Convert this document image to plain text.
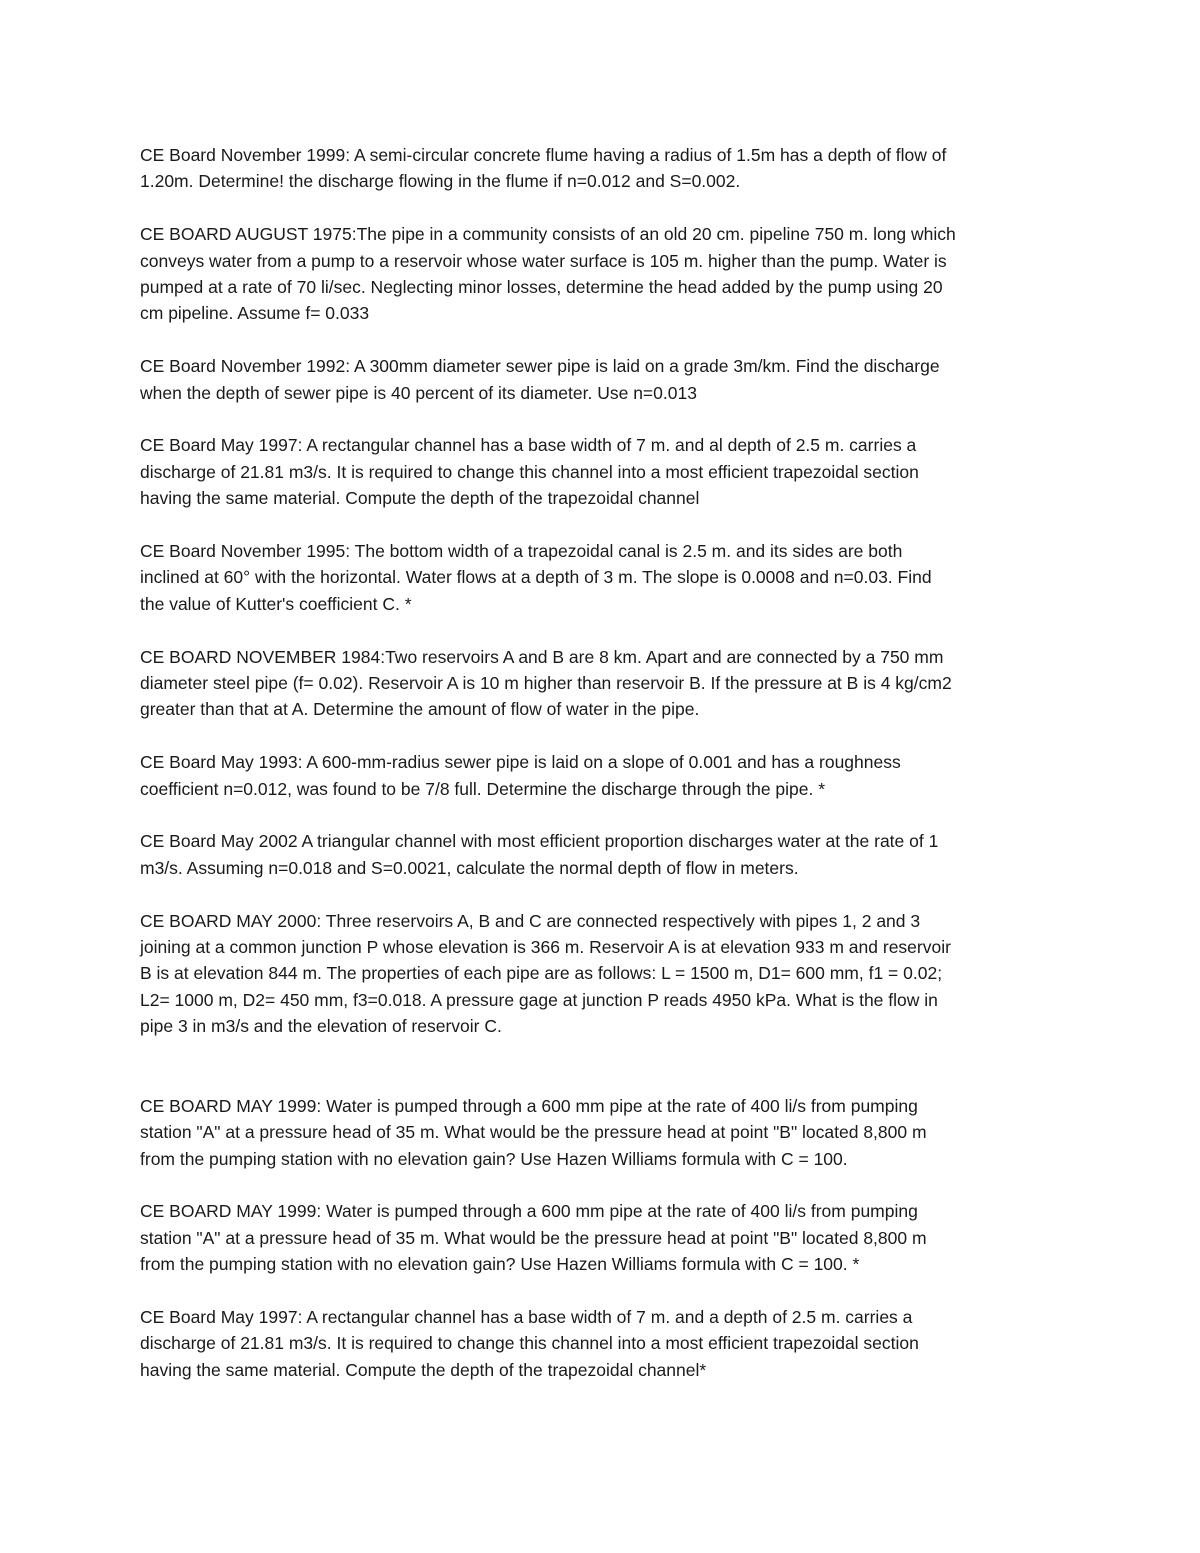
CE Board November 1999: A semi-circular concrete flume having a radius of 1.5m has a depth of flow of
1.20m. Determine! the discharge flowing in the flume if n=0.012 and S=0.002.

CE BOARD AUGUST 1975:The pipe in a community consists of an old 20 cm. pipeline 750 m. long which
conveys water from a pump to a reservoir whose water surface is 105 m. higher than the pump. Water is
pumped at a rate of 70 li/sec. Neglecting minor losses, determine the head added by the pump using 20
cm pipeline. Assume f= 0.033

CE Board November 1992: A 300mm diameter sewer pipe is laid on a grade 3m/km. Find the discharge
when the depth of sewer pipe is 40 percent of its diameter. Use n=0.013

CE Board May 1997: A rectangular channel has a base width of 7 m. and al depth of 2.5 m. carries a
discharge of 21.81 m3/s. It is required to change this channel into a most efficient trapezoidal section
having the same material. Compute the depth of the trapezoidal channel

CE Board November 1995: The bottom width of a trapezoidal canal is 2.5 m. and its sides are both
inclined at 60° with the horizontal. Water flows at a depth of 3 m. The slope is 0.0008 and n=0.03. Find
the value of Kutter's coefficient C. *

CE BOARD NOVEMBER 1984:Two reservoirs A and B are 8 km. Apart and are connected by a 750 mm
diameter steel pipe (f= 0.02). Reservoir A is 10 m higher than reservoir B. If the pressure at B is 4 kg/cm2
greater than that at A. Determine the amount of flow of water in the pipe.

CE Board May 1993: A 600-mm-radius sewer pipe is laid on a slope of 0.001 and has a roughness
coefficient n=0.012, was found to be 7/8 full. Determine the discharge through the pipe. *

CE Board May 2002 A triangular channel with most efficient proportion discharges water at the rate of 1
m3/s. Assuming n=0.018 and S=0.0021, calculate the normal depth of flow in meters.

CE BOARD MAY 2000: Three reservoirs A, B and C are connected respectively with pipes 1, 2 and 3
joining at a common junction P whose elevation is 366 m. Reservoir A is at elevation 933 m and reservoir
B is at elevation 844 m. The properties of each pipe are as follows: L = 1500 m, D1= 600 mm, f1 = 0.02;
L2= 1000 m, D2= 450 mm, f3=0.018. A pressure gage at junction P reads 4950 kPa. What is the flow in
pipe 3 in m3/s and the elevation of reservoir C.

CE BOARD MAY 1999: Water is pumped through a 600 mm pipe at the rate of 400 li/s from pumping
station "A" at a pressure head of 35 m. What would be the pressure head at point "B" located 8,800 m
from the pumping station with no elevation gain? Use Hazen Williams formula with C = 100.

CE BOARD MAY 1999: Water is pumped through a 600 mm pipe at the rate of 400 li/s from pumping
station "A" at a pressure head of 35 m. What would be the pressure head at point "B" located 8,800 m
from the pumping station with no elevation gain? Use Hazen Williams formula with C = 100. *

CE Board May 1997: A rectangular channel has a base width of 7 m. and a depth of 2.5 m. carries a
discharge of 21.81 m3/s. It is required to change this channel into a most efficient trapezoidal section
having the same material. Compute the depth of the trapezoidal channel*
